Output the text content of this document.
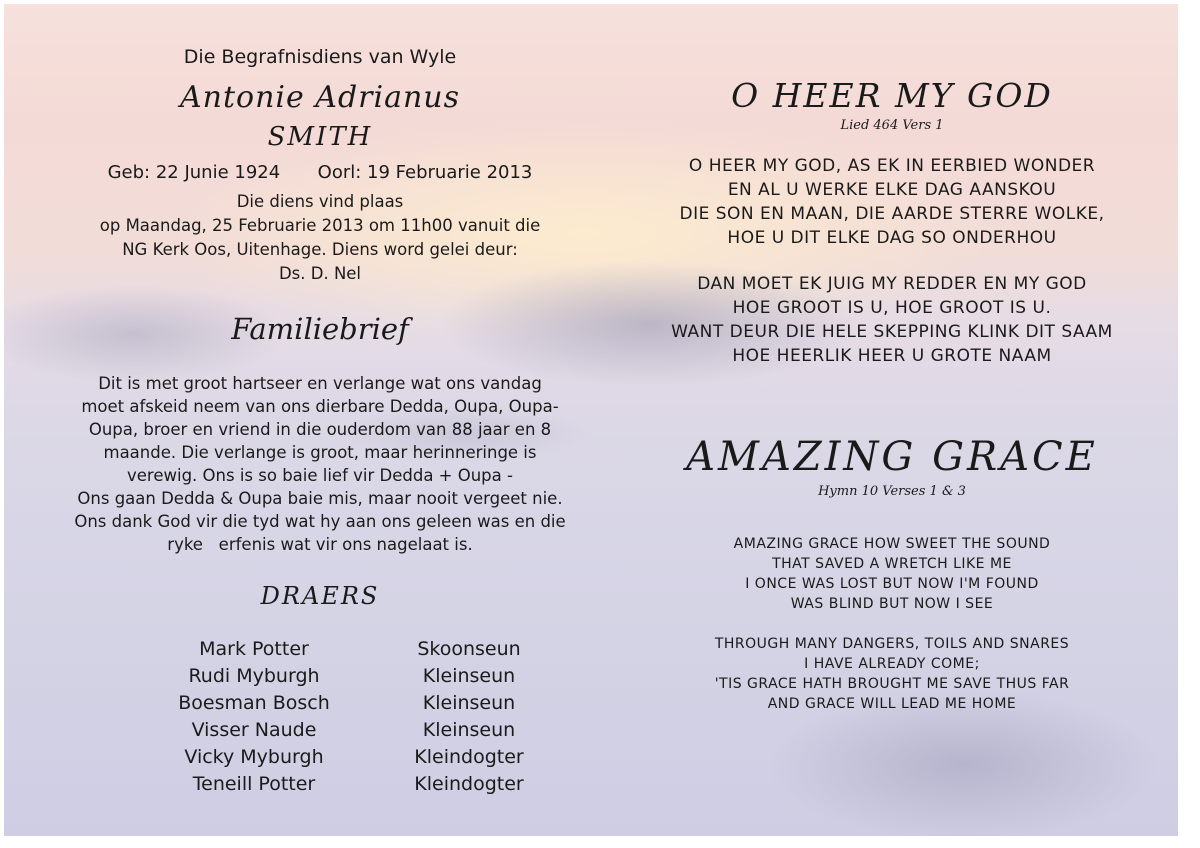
Die Begrafnisdiens van Wyle
Antonie Adrianus
SMITH
Geb: 22 Junie 1924 Oorl: 19 Februarie 2013
Die diens vind plaas
op Maandag, 25 Februarie 2013 om 11h00 vanuit die
NG Kerk Oos, Uitenhage. Diens word gelei deur:
Ds. D. Nel
Familiebrief
Dit is met groot hartseer en verlange wat ons vandag
moet afskeid neem van ons dierbare Dedda, Oupa, Oupa-
Oupa, broer en vriend in die ouderdom van 88 jaar en 8
maande. Die verlange is groot, maar herinneringe is
verewig. Ons is so baie lief vir Dedda + Oupa -
Ons gaan Dedda & Oupa baie mis, maar nooit vergeet nie.
Ons dank God vir die tyd wat hy aan ons geleen was en die
ryke   erfenis wat vir ons nagelaat is.
DRAERS
Mark Potter	Skoonseun
Rudi Myburgh	Kleinseun
Boesman Bosch	Kleinseun
Visser Naude	Kleinseun
Vicky Myburgh	Kleindogter
Teneill Potter	Kleindogter
O HEER MY GOD
Lied 464 Vers 1
O HEER MY GOD, AS EK IN EERBIED WONDER
EN AL U WERKE ELKE DAG AANSKOU
DIE SON EN MAAN, DIE AARDE STERRE WOLKE,
HOE U DIT ELKE DAG SO ONDERHOU
DAN MOET EK JUIG MY REDDER EN MY GOD
HOE GROOT IS U, HOE GROOT IS U.
WANT DEUR DIE HELE SKEPPING KLINK DIT SAAM
HOE HEERLIK HEER U GROTE NAAM
AMAZING GRACE
Hymn 10 Verses 1 & 3
AMAZING GRACE HOW SWEET THE SOUND
THAT SAVED A WRETCH LIKE ME
I ONCE WAS LOST BUT NOW I'M FOUND
WAS BLIND BUT NOW I SEE
THROUGH MANY DANGERS, TOILS AND SNARES
I HAVE ALREADY COME;
'TIS GRACE HATH BROUGHT ME SAVE THUS FAR
AND GRACE WILL LEAD ME HOME
